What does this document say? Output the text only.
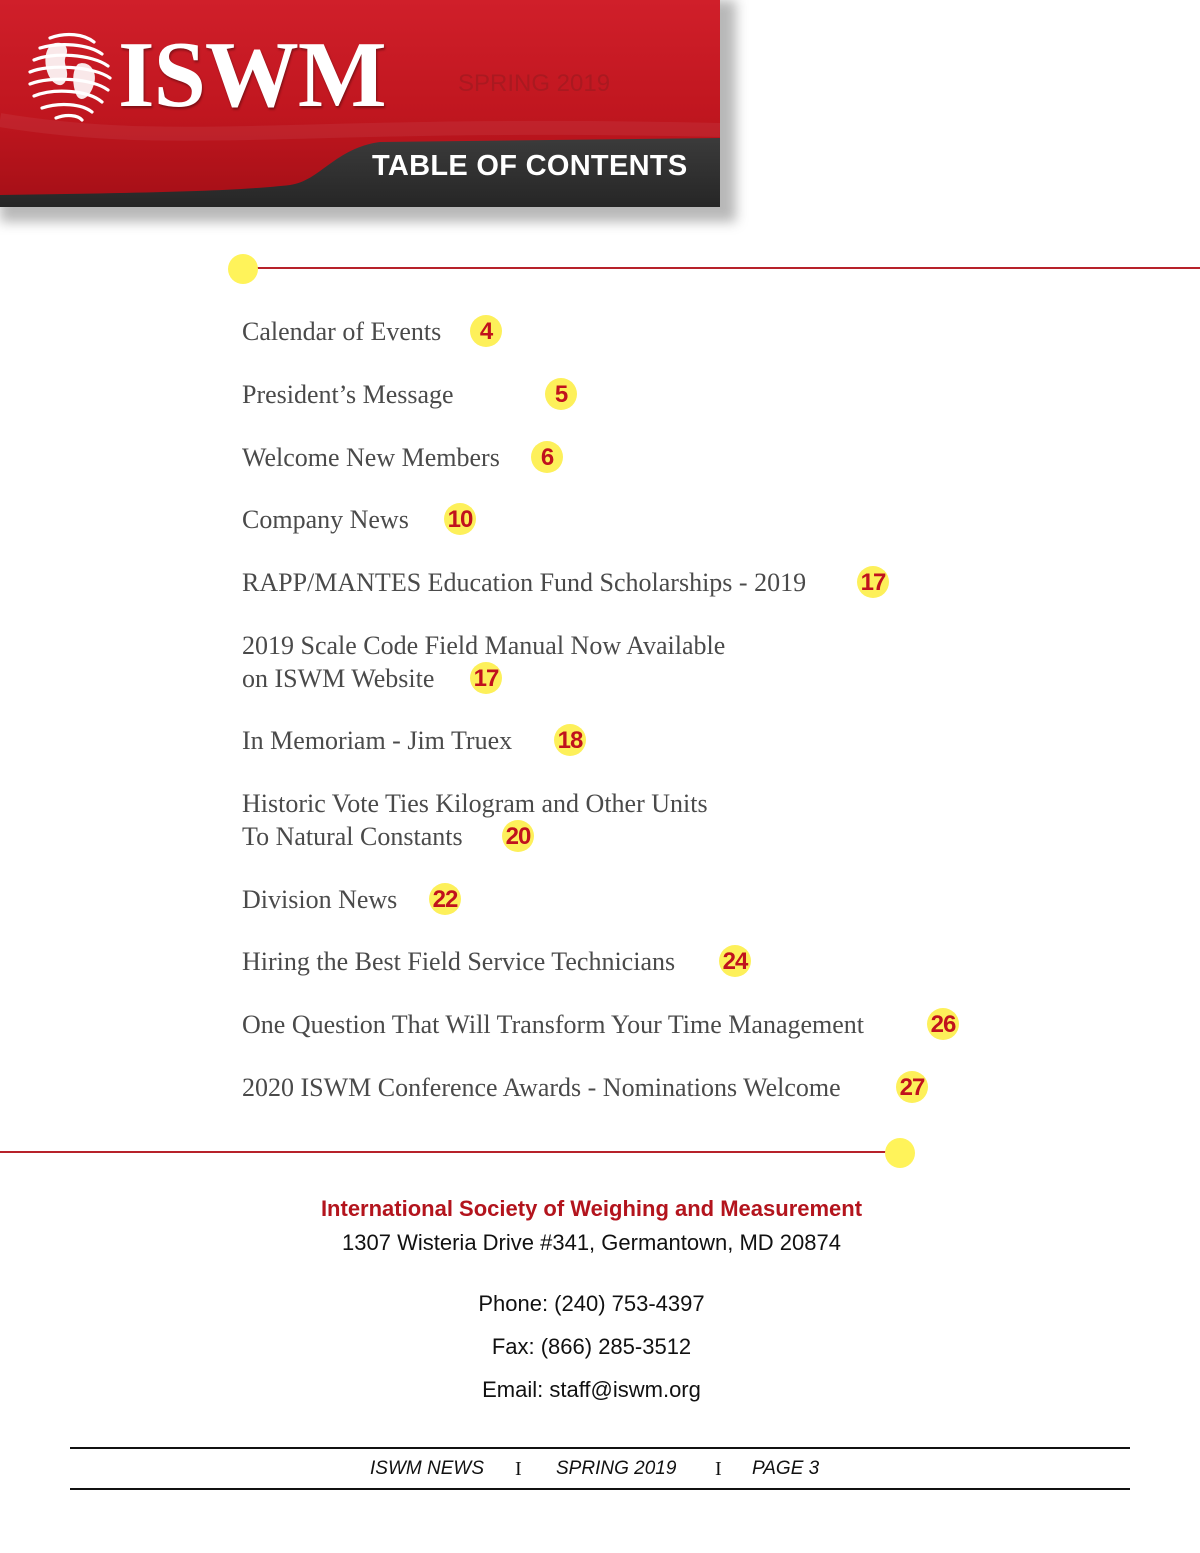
ISWM	SPRING 2019
TABLE OF CONTENTS
Calendar of Events	4
President’s Message	5
Welcome New Members	6
Company News 10
RAPP/MANTES Education Fund Scholarships - 2019 17
2019 Scale Code Field Manual Now Available
on ISWM Website	17
In Memoriam - Jim Truex 18
Historic Vote Ties Kilogram and Other Units
To Natural Constants	20
Division News 22
Hiring the Best Field Service Technicians 24
One Question That Will Transform Your Time Management	26
2020 ISWM Conference Awards - Nominations Welcome 27
International Society of Weighing and Measurement
1307 Wisteria Drive #341, Germantown, MD 20874
Phone: (240) 753-4397
Fax: (866) 285-3512
Email: staff@iswm.org
ISWM NEWS I SPRING 2019 I PAGE 3
